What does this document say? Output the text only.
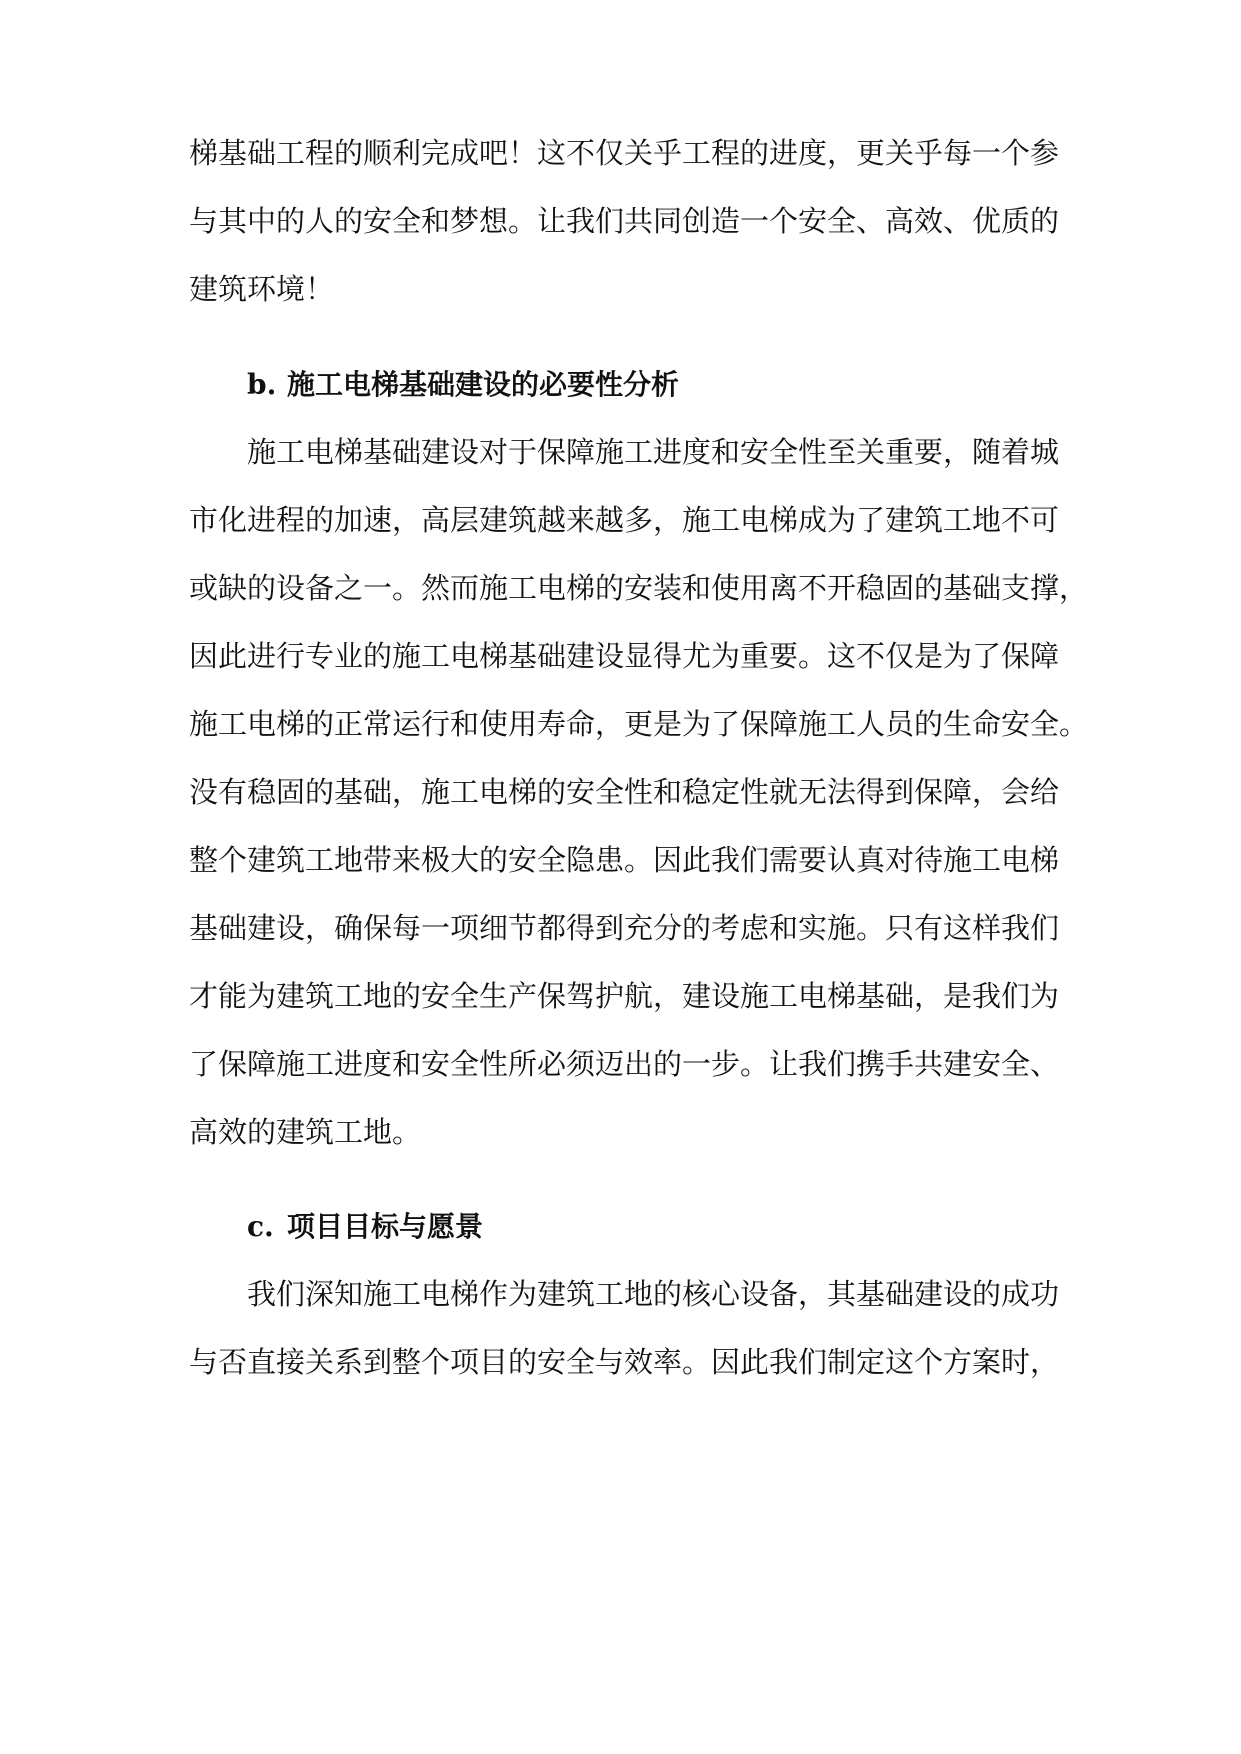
梯基础工程的顺利完成吧！这不仅关乎工程的进度，更关乎每一个参
与其中的人的安全和梦想。让我们共同创造一个安全、高效、优质的
建筑环境！
b. 施工电梯基础建设的必要性分析
施工电梯基础建设对于保障施工进度和安全性至关重要，随着城
市化进程的加速，高层建筑越来越多，施工电梯成为了建筑工地不可
或缺的设备之一。然而施工电梯的安装和使用离不开稳固的基础支撑，
因此进行专业的施工电梯基础建设显得尤为重要。这不仅是为了保障
施工电梯的正常运行和使用寿命，更是为了保障施工人员的生命安全。
没有稳固的基础，施工电梯的安全性和稳定性就无法得到保障，会给
整个建筑工地带来极大的安全隐患。因此我们需要认真对待施工电梯
基础建设，确保每一项细节都得到充分的考虑和实施。只有这样我们
才能为建筑工地的安全生产保驾护航，建设施工电梯基础，是我们为
了保障施工进度和安全性所必须迈出的一步。让我们携手共建安全、
高效的建筑工地。
c. 项目目标与愿景
我们深知施工电梯作为建筑工地的核心设备，其基础建设的成功
与否直接关系到整个项目的安全与效率。因此我们制定这个方案时，
